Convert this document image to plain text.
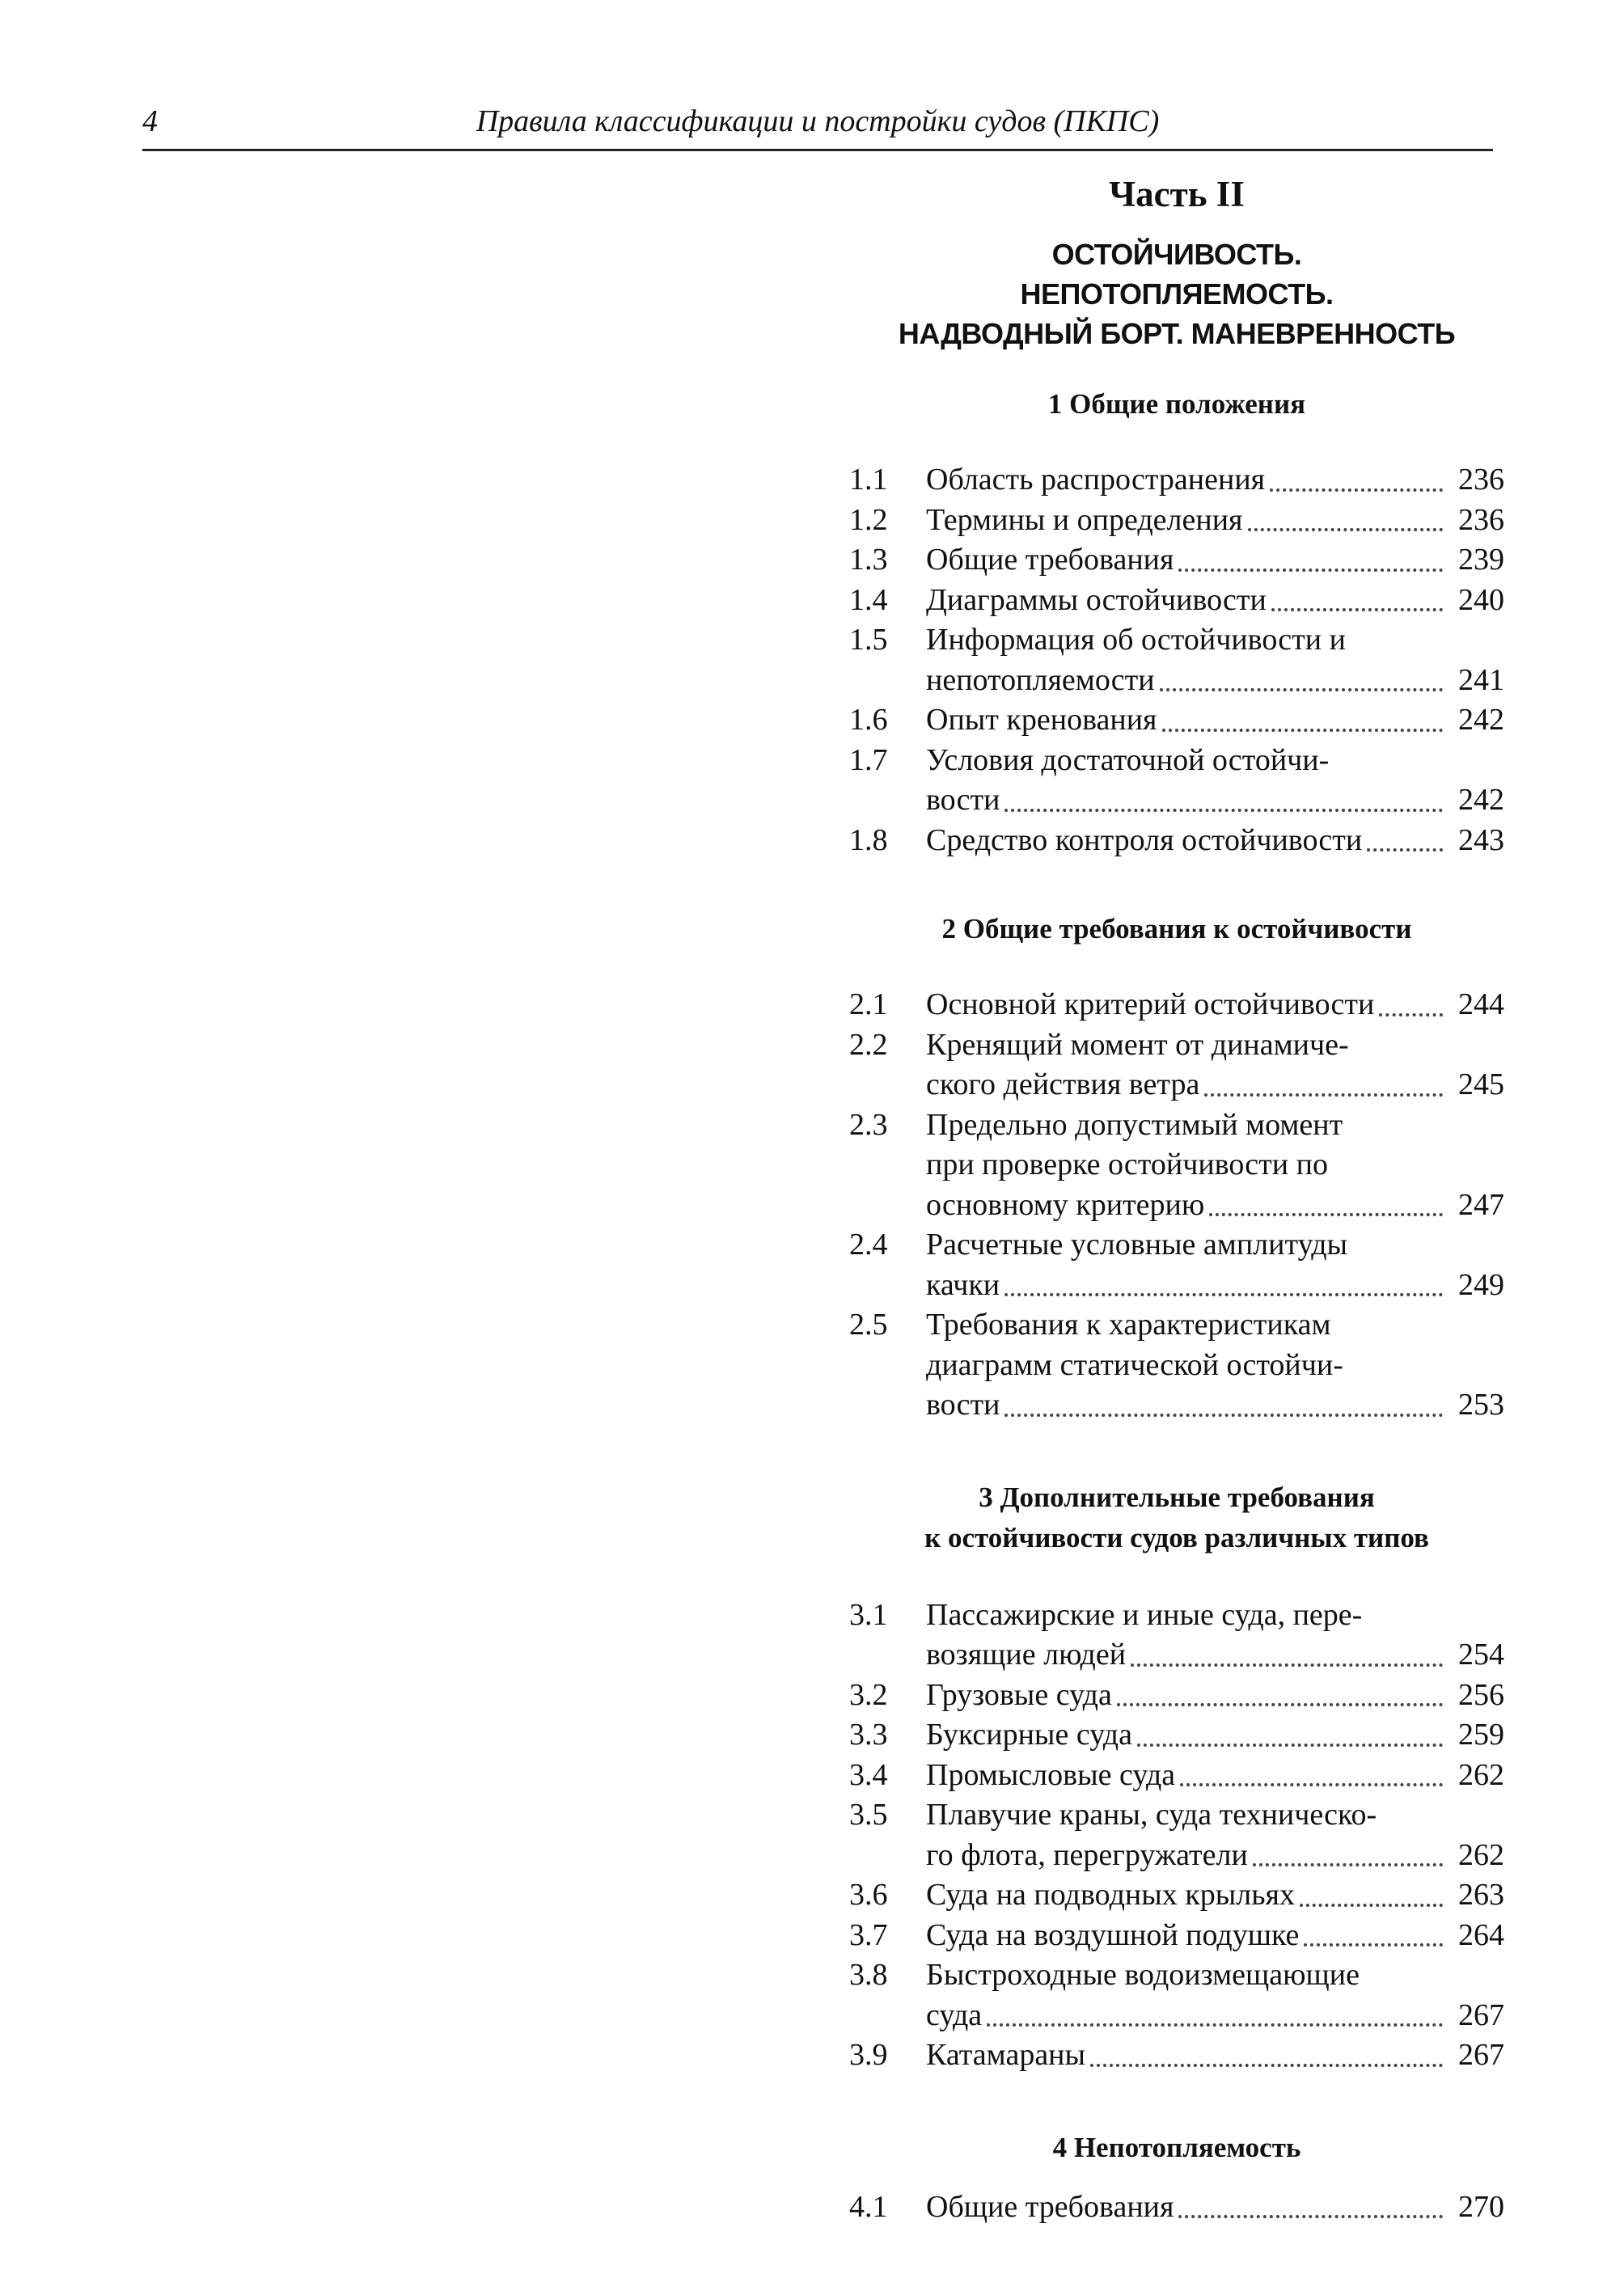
4	Правила классификации и постройки судов (ПКПС)
Часть II
ОСТОЙЧИВОСТЬ.
НЕПОТОПЛЯЕМОСТЬ.
НАДВОДНЫЙ БОРТ. МАНЕВРЕННОСТЬ
1 Общие положения
1.1	Область распространения	236
1.2	Термины и определения	236
1.3	Общие требования	239
1.4	Диаграммы остойчивости	240
1.5	Информация об остойчивости и
непотопляемости	241
1.6	Опыт кренования	242
1.7	Условия достаточной остойчи-
вости	242
1.8	Средство контроля остойчивости	243
2 Общие требования к остойчивости
2.1	Основной критерий остойчивости	244
2.2	Кренящий момент от динамиче-
ского действия ветра	245
2.3	Предельно допустимый момент
при проверке остойчивости по
основному критерию	247
2.4	Расчетные условные амплитуды
качки	249
2.5	Требования к характеристикам
диаграмм статической остойчи-
вости	253
3 Дополнительные требования
к остойчивости судов различных типов
3.1	Пассажирские и иные суда, пере-
возящие людей	254
3.2	Грузовые суда	256
3.3	Буксирные суда	259
3.4	Промысловые суда	262
3.5	Плавучие краны, суда техническо-
го флота, перегружатели	262
3.6	Суда на подводных крыльях	263
3.7	Суда на воздушной подушке	264
3.8	Быстроходные водоизмещающие
суда	267
3.9	Катамараны	267
4 Непотопляемость
4.1	Общие требования	270
